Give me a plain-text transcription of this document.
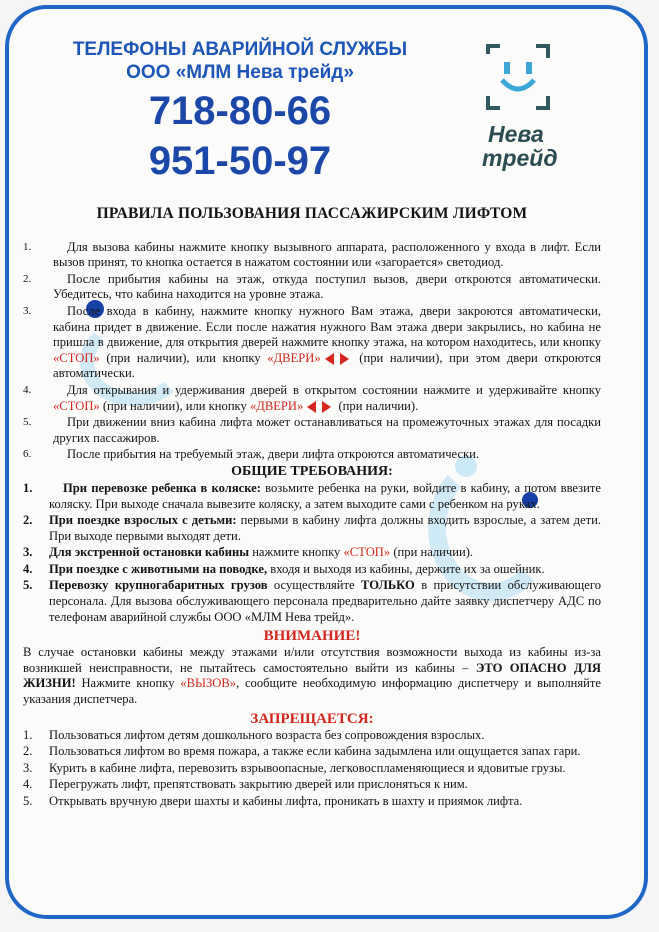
ТЕЛЕФОНЫ АВАРИЙНОЙ СЛУЖБЫ
ООО «МЛМ Нева трейд»
718-80-66
951-50-97
Нева
трейд
ПРАВИЛА ПОЛЬЗОВАНИЯ ПАССАЖИРСКИМ ЛИФТОМ
1.	Для вызова кабины нажмите кнопку вызывного аппарата, расположенного у входа в лифт. Если вызов принят, то кнопка остается в нажатом состоянии или «загорается» светодиод.
2.	После прибытия кабины на этаж, откуда поступил вызов, двери откроются автоматически. Убедитесь, что кабина находится на уровне этажа.
3.	После входа в кабину, нажмите кнопку нужного Вам этажа, двери закроются автоматически, кабина придет в движение. Если после нажатия нужного Вам этажа двери закрылись, но кабина не пришла в движение, для открытия дверей нажмите кнопку этажа, на котором находитесь, или кнопку «СТОП» (при наличии), или кнопку «ДВЕРИ»	(при наличии), при этом двери откроются автоматически.
4.	Для открывания и удерживания дверей в открытом состоянии нажмите и удерживайте кнопку «СТОП» (при наличии), или кнопку «ДВЕРИ»	(при наличии).
5.	При движении вниз кабина лифта может останавливаться на промежуточных этажах для посадки других пассажиров.
6.	После прибытия на требуемый этаж, двери лифта откроются автоматически.
ОБЩИЕ ТРЕБОВАНИЯ:
1. При перевозке ребенка в коляске: возьмите ребенка на руки, войдите в кабину, а потом ввезите коляску. При выходе сначала вывезите коляску, а затем выходите сами с ребенком на руках.
2. При поездке взрослых с детьми: первыми в кабину лифта должны входить взрослые, а затем дети. При выходе первыми выходят дети.
3. Для экстренной остановки кабины нажмите кнопку «СТОП» (при наличии).
4. При поездке с животными на поводке, входя и выходя из кабины, держите их за ошейник.
5. Перевозку крупногабаритных грузов осуществляйте ТОЛЬКО в присутствии обслуживающего персонала. Для вызова обслуживающего персонала предварительно дайте заявку диспетчеру АДС по телефонам аварийной службы ООО «МЛМ Нева трейд».
ВНИМАНИЕ!

В случае остановки кабины между этажами и/или отсутствия возможности выхода из кабины из-за возникшей неисправности, не пытайтесь самостоятельно выйти из кабины – ЭТО ОПАСНО ДЛЯ ЖИЗНИ! Нажмите кнопку «ВЫЗОВ», сообщите необходимую информацию диспетчеру и выполняйте указания диспетчера.

ЗАПРЕЩАЕТСЯ:
1. Пользоваться лифтом детям дошкольного возраста без сопровождения взрослых.
2. Пользоваться лифтом во время пожара, а также если кабина задымлена или ощущается запах гари.
3. Курить в кабине лифта, перевозить взрывоопасные, легковоспламеняющиеся и ядовитые грузы.
4. Перегружать лифт, препятствовать закрытию дверей или прислоняться к ним.
5. Открывать вручную двери шахты и кабины лифта, проникать в шахту и приямок лифта.
